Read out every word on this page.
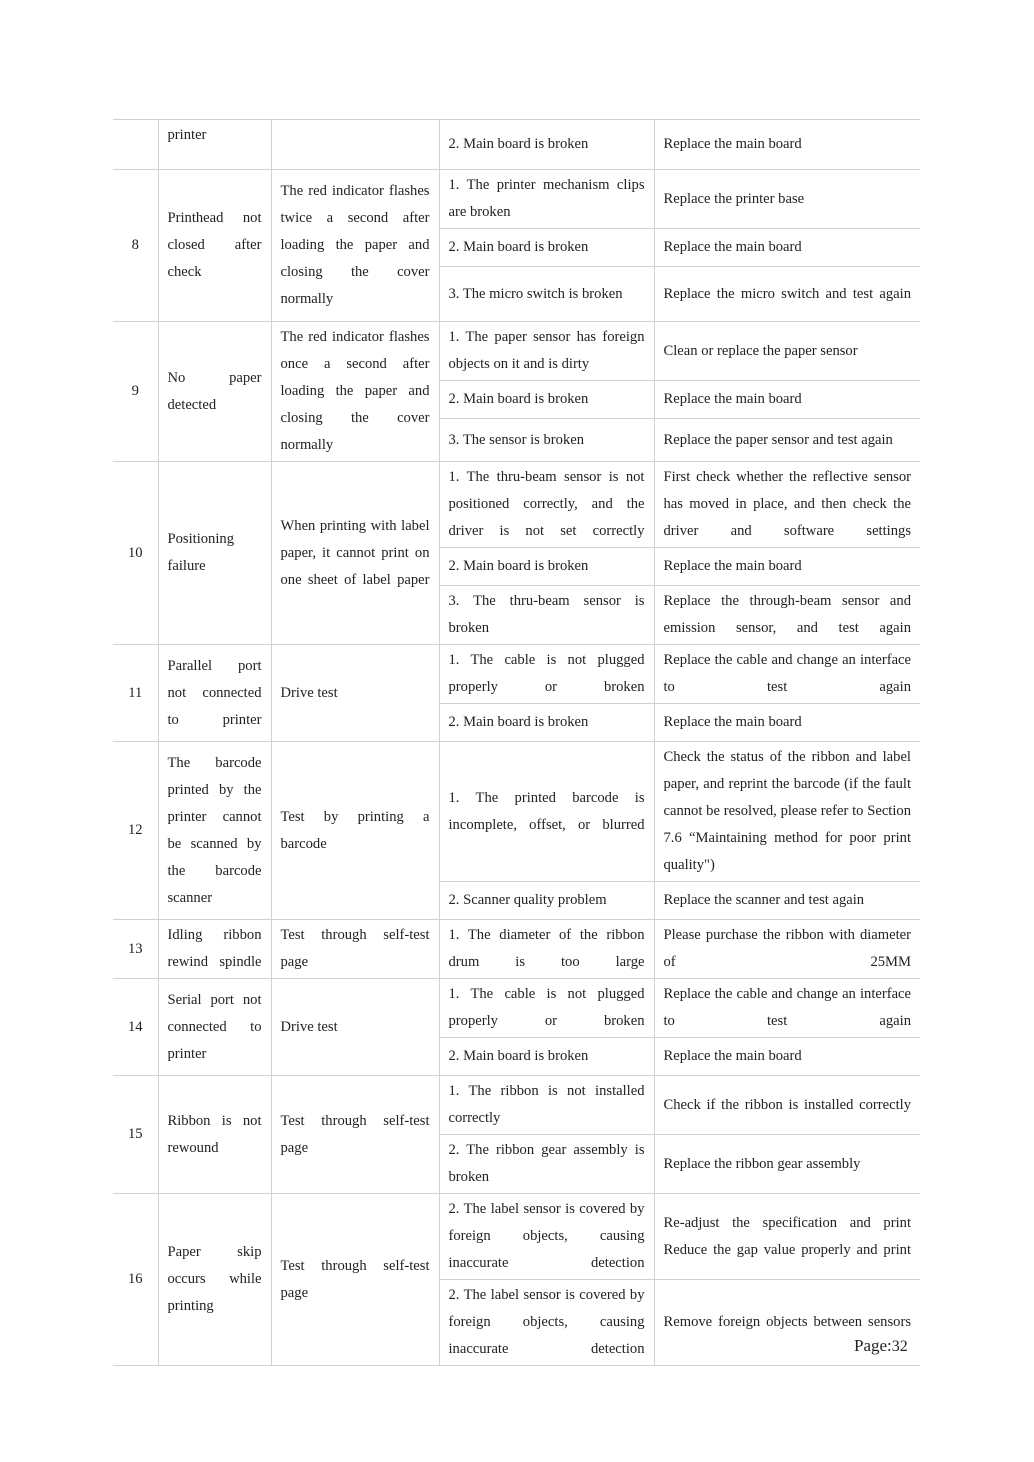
	printer		2. Main board is broken	Replace the main board
8	Printhead not closed after check	The red indicator flashes twice a second after loading the paper and closing the cover normally	1. The printer mechanism clips are broken	Replace the printer base
			2. Main board is broken	Replace the main board
			3. The micro switch is broken	Replace the micro switch and test again
9	No paper detected	The red indicator flashes once a second after loading the paper and closing the cover normally	1. The paper sensor has foreign objects on it and is dirty	Clean or replace the paper sensor
			2. Main board is broken	Replace the main board
			3. The sensor is broken	Replace the paper sensor and test again
10	Positioning failure	When printing with label paper, it cannot print on one sheet of label paper	1. The thru-beam sensor is not positioned correctly, and the driver is not set correctly	First check whether the reflective sensor has moved in place, and then check the driver and software settings
			2. Main board is broken	Replace the main board
			3. The thru-beam sensor is broken	Replace the through-beam sensor and emission sensor, and test again
11	Parallel port not connected to printer	Drive test	1. The cable is not plugged properly or broken	Replace the cable and change an interface to test again
			2. Main board is broken	Replace the main board
12	The barcode printed by the printer cannot be scanned by the barcode scanner	Test by printing a barcode	1. The printed barcode is incomplete, offset, or blurred	Check the status of the ribbon and label paper, and reprint the barcode (if the fault cannot be resolved, please refer to Section 7.6 “Maintaining method for poor print quality")
			2. Scanner quality problem	Replace the scanner and test again
13	Idling ribbon rewind spindle	Test through self-test page	1. The diameter of the ribbon drum is too large	Please purchase the ribbon with diameter of 25MM
14	Serial port not connected to printer	Drive test	1. The cable is not plugged properly or broken	Replace the cable and change an interface to test again
			2. Main board is broken	Replace the main board
15	Ribbon is not rewound	Test through self-test page	1. The ribbon is not installed correctly	Check if the ribbon is installed correctly
			2. The ribbon gear assembly is broken	Replace the ribbon gear assembly
16	Paper skip occurs while printing	Test through self-test page	2. The label sensor is covered by foreign objects, causing inaccurate detection	Re-adjust the specification and print Reduce the gap value properly and print
			2. The label sensor is covered by foreign objects, causing inaccurate detection	Remove foreign objects between sensors
Page:32
